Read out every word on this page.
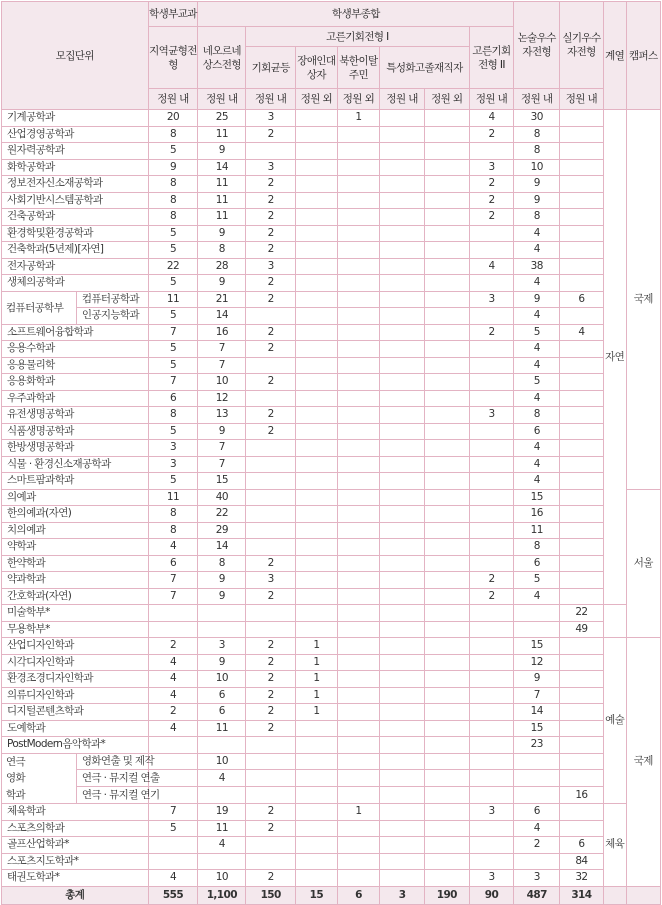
모집단위		학생부교과	학생부종합							논술우수자전형	실기우수자전형	계열	캠퍼스
		지역균형전형	네오르네상스전형	고른기회전형 I					고른기회전형 II				
				기회균등	장애인대상자	북한이탈주민	특성화고졸재직자						
		정원 내	정원 내	정원 내	정원 외	정원 외	정원 내	정원 외	정원 내	정원 내	정원 내		
기계공학과		20	25	3		1			4	30		자연	국제
산업경영공학과		8	11	2					2	8			
원자력공학과		5	9							8			
화학공학과		9	14	3					3	10			
정보전자신소재공학과		8	11	2					2	9			
사회기반시스템공학과		8	11	2					2	9			
건축공학과		8	11	2					2	8			
환경학및환경공학과		5	9	2						4			
건축학과(5년제)[자연]		5	8	2						4			
전자공학과		22	28	3					4	38			
생체의공학과		5	9	2						4			
컴퓨터공학부	컴퓨터공학과	11	21	2					3	9	6		
	인공지능학과	5	14							4			
소프트웨어융합학과		7	16	2					2	5	4		
응용수학과		5	7	2						4			
응용물리학		5	7							4			
응용화학과		7	10	2						5			
우주과학과		6	12							4			
유전생명공학과		8	13	2					3	8			
식품생명공학과		5	9	2						6			
한방생명공학과		3	7							4			
식물 · 환경신소재공학과		3	7							4			
스마트팜과학과		5	15							4			
의예과		11	40							15			서울
한의예과(자연)		8	22							16			
치의예과		8	29							11			
약학과		4	14							8			
한약학과		6	8	2						6			
약과학과		7	9	3					2	5			
간호학과(자연)		7	9	2					2	4			
미술학부*											22		
무용학부*											49		
산업디자인학과		2	3	2	1					15		예술	국제
시각디자인학과		4	9	2	1					12			
환경조경디자인학과		4	10	2	1					9			
의류디자인학과		4	6	2	1					7			
디지털콘텐츠학과		2	6	2	1					14			
도예학과		4	11	2						15			
PostModern음악학과*										23			

연극영화학과	영화연출 및 제작		10										
	연극 · 뮤지컬 연출		4										
	연극 · 뮤지컬 연기										16		
체육학과		7	19	2		1			3	6		체육	
스포츠의학과		5	11	2						4			
골프산업학과*			4							2	6		
스포츠지도학과*											84		
태권도학과*		4	10	2					3	3	32		
총계		555	1,100	150	15	6	3	190	90	487	314		
